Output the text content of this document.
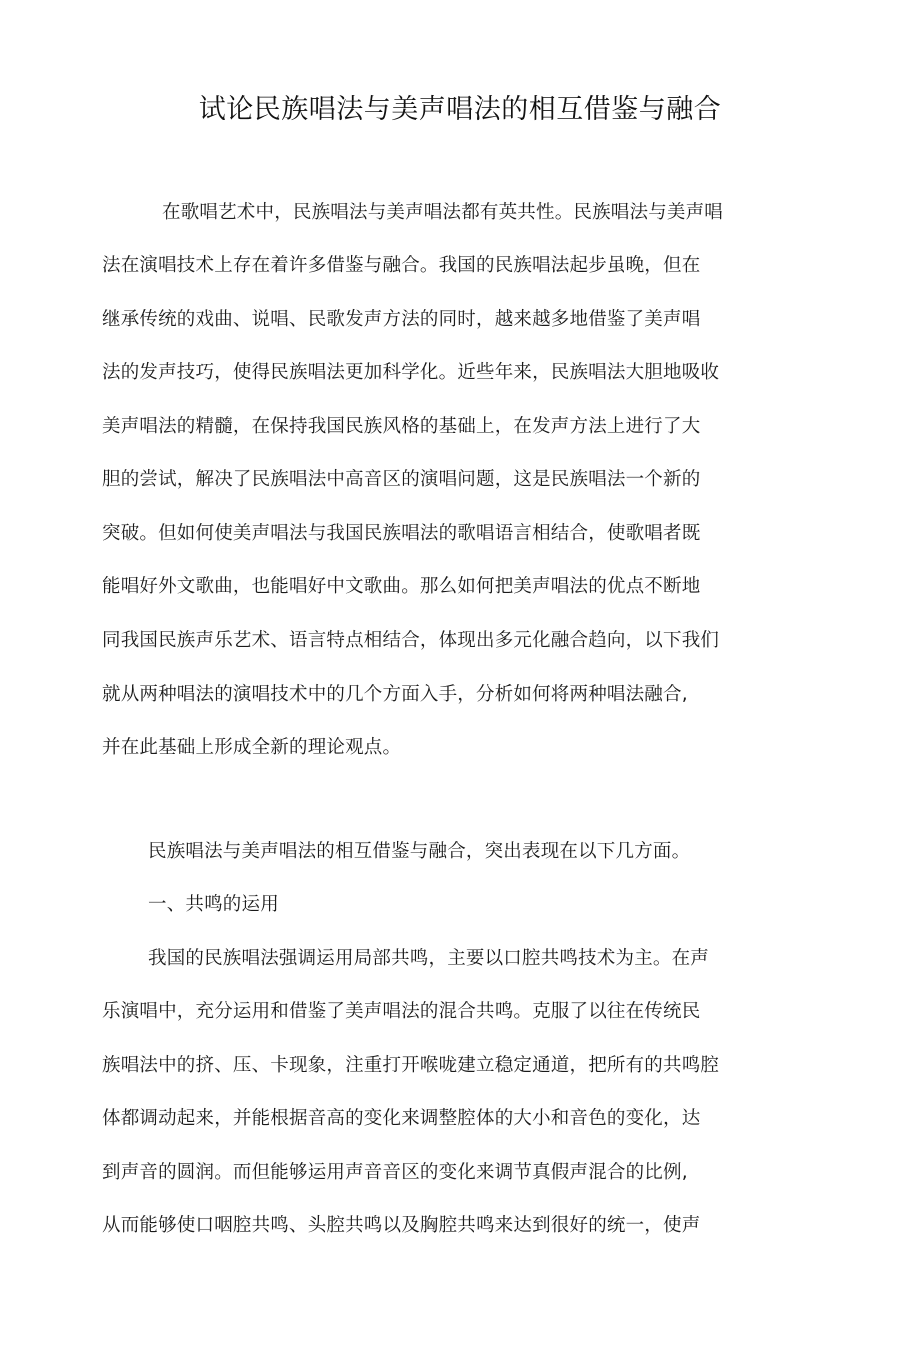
试论民族唱法与美声唱法的相互借鉴与融合
在歌唱艺术中，民族唱法与美声唱法都有英共性。民族唱法与美声唱
法在演唱技术上存在着许多借鉴与融合。我国的民族唱法起步虽晚，但在
继承传统的戏曲、说唱、民歌发声方法的同时，越来越多地借鉴了美声唱
法的发声技巧，使得民族唱法更加科学化。近些年来，民族唱法大胆地吸收
美声唱法的精髓，在保持我国民族风格的基础上，在发声方法上进行了大
胆的尝试，解决了民族唱法中高音区的演唱问题，这是民族唱法一个新的
突破。但如何使美声唱法与我国民族唱法的歌唱语言相结合，使歌唱者既
能唱好外文歌曲，也能唱好中文歌曲。那么如何把美声唱法的优点不断地
同我国民族声乐艺术、语言特点相结合，体现出多元化融合趋向，以下我们
就从两种唱法的演唱技术中的几个方面入手，分析如何将两种唱法融合,
并在此基础上形成全新的理论观点。
民族唱法与美声唱法的相互借鉴与融合，突出表现在以下几方面。
一、共鸣的运用
我国的民族唱法强调运用局部共鸣，主要以口腔共鸣技术为主。在声
乐演唱中，充分运用和借鉴了美声唱法的混合共鸣。克服了以往在传统民
族唱法中的挤、压、卡现象，注重打开喉咙建立稳定通道，把所有的共鸣腔
体都调动起来，并能根据音高的变化来调整腔体的大小和音色的变化，达
到声音的圆润。而但能够运用声音音区的变化来调节真假声混合的比例,
从而能够使口咽腔共鸣、头腔共鸣以及胸腔共鸣来达到很好的统一，使声
